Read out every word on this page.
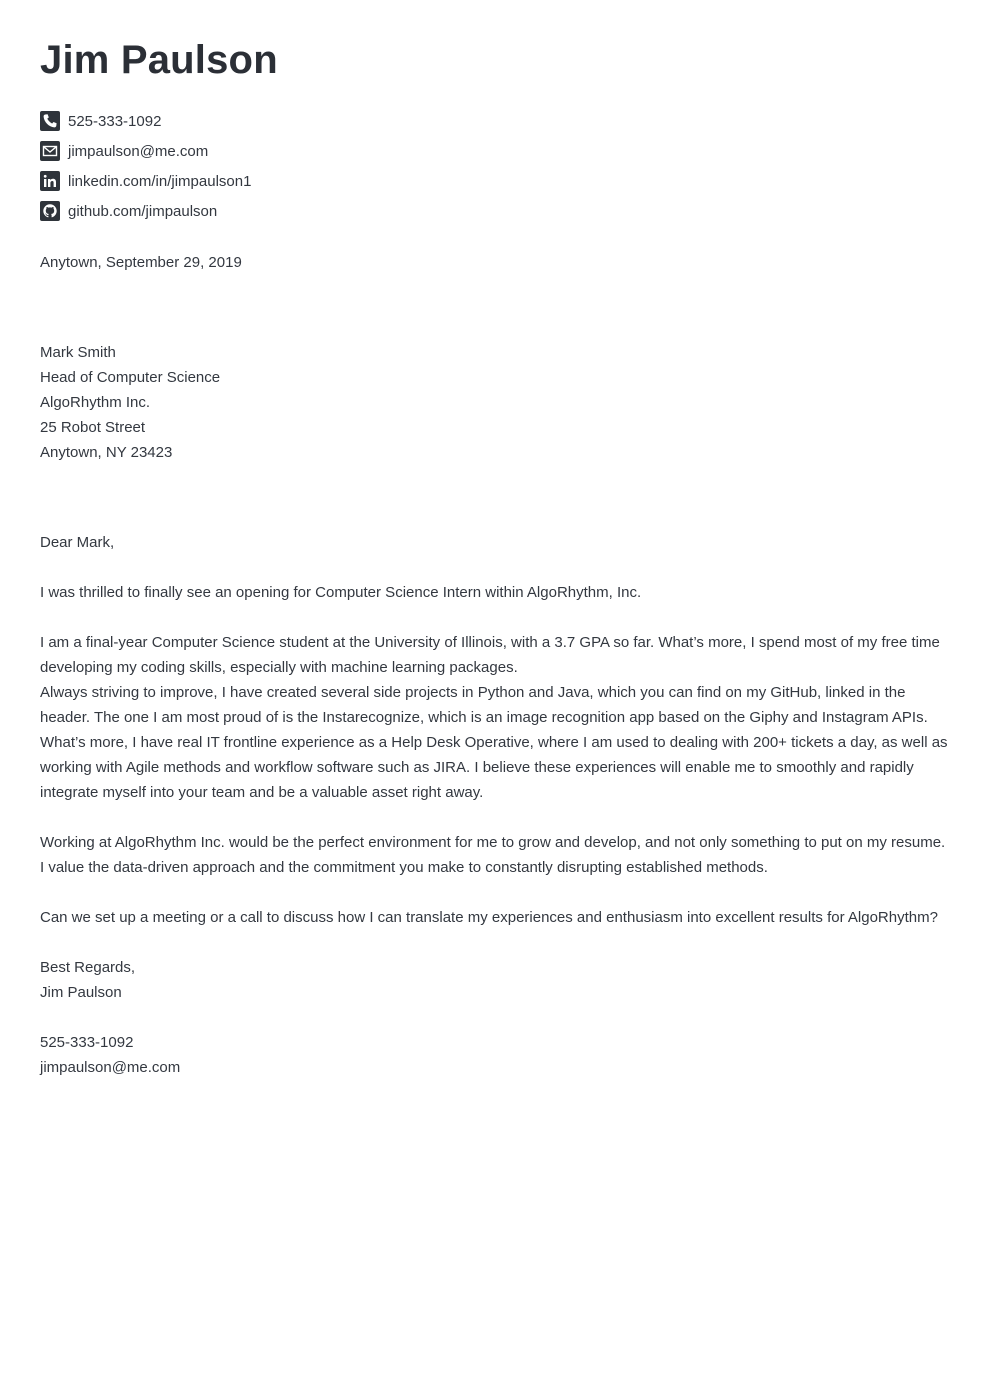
Jim Paulson
525-333-1092
jimpaulson@me.com
linkedin.com/in/jimpaulson1
github.com/jimpaulson

Anytown, September 29, 2019

Mark Smith

Head of Computer Science

AlgoRhythm Inc.

25 Robot Street

Anytown, NY 23423

Dear Mark,

I was thrilled to finally see an opening for Computer Science Intern within AlgoRhythm, Inc.

I am a final-year Computer Science student at the University of Illinois, with a 3.7 GPA so far. What’s more, I spend most of my free time developing my coding skills, especially with machine learning packages.

Always striving to improve, I have created several side projects in Python and Java, which you can find on my GitHub, linked in the header. The one I am most proud of is the Instarecognize, which is an image recognition app based on the Giphy and Instagram APIs. What’s more, I have real IT frontline experience as a Help Desk Operative, where I am used to dealing with 200+ tickets a day, as well as working with Agile methods and workflow software such as JIRA. I believe these experiences will enable me to smoothly and rapidly integrate myself into your team and be a valuable asset right away.

Working at AlgoRhythm Inc. would be the perfect environment for me to grow and develop, and not only something to put on my resume. I value the data-driven approach and the commitment you make to constantly disrupting established methods.

Can we set up a meeting or a call to discuss how I can translate my experiences and enthusiasm into excellent results for AlgoRhythm?

Best Regards,

Jim Paulson

525-333-1092

jimpaulson@me.com
